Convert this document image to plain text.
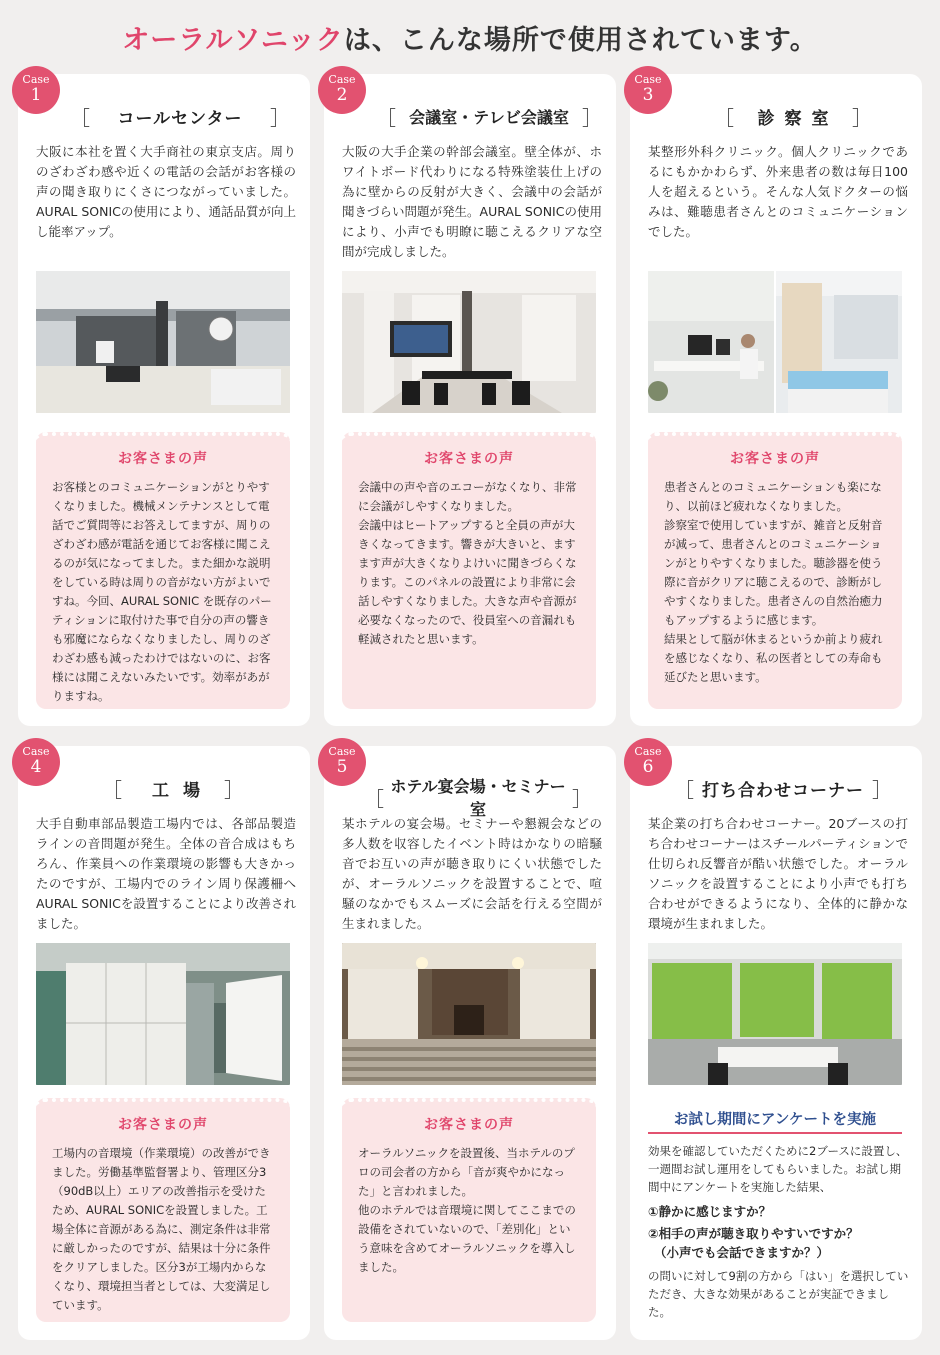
オーラルソニックは、こんな場所で使用されています。
Case
1
［	コールセンター	］
大阪に本社を置く大手商社の東京支店。周りのざわざわ感や近くの電話の会話がお客様の声の聞き取りにくさにつながっていました。AURAL SONICの使用により、通話品質が向上し能率アップ。
お客さまの声
お客様とのコミュニケーションがとりやすくなりました。機械メンテナンスとして電話でご質問等にお答えしてますが、周りのざわざわ感が電話を通じてお客様に聞こえるのが気になってました。また細かな説明をしている時は周りの音がない方がよいですね。今回、AURAL SONIC を既存のパーティションに取付けた事で自分の声の響きも邪魔にならなくなりましたし、周りのざわざわ感も減ったわけではないのに、お客様には聞こえないみたいです。効率があがりますね。
Case
2
［ 会議室・テレビ会議室 ］
大阪の大手企業の幹部会議室。壁全体が、ホワイトボード代わりになる特殊塗装仕上げの為に壁からの反射が大きく、会議中の会話が聞きづらい問題が発生。AURAL SONICの使用により、小声でも明瞭に聴こえるクリアな空間が完成しました。
お客さまの声
会議中の声や音のエコーがなくなり、非常に会議がしやすくなりました。
会議中はヒートアップすると全員の声が大きくなってきます。響きが大きいと、ますます声が大きくなりよけいに聞きづらくなります。このパネルの設置により非常に会話しやすくなりました。大きな声や音源が必要なくなったので、役員室への音漏れも軽減されたと思います。
Case
3
［	診察室 ］
某整形外科クリニック。個人クリニックであるにもかかわらず、外来患者の数は毎日100人を超えるという。そんな人気ドクターの悩みは、難聴患者さんとのコミュニケーションでした。
お客さまの声
患者さんとのコミュニケーションも楽になり、以前ほど疲れなくなりました。
診察室で使用していますが、雑音と反射音が減って、患者さんとのコミュニケーションがとりやすくなりました。聴診器を使う際に音がクリアに聴こえるので、診断がしやすくなりました。患者さんの自然治癒力もアップするように感じます。
結果として脳が休まるというか前より疲れを感じなくなり、私の医者としての寿命も延びたと思います。
Case
4
［	工 場	］
大手自動車部品製造工場内では、各部品製造ラインの音問題が発生。全体の音合成はもちろん、作業員への作業環境の影響も大きかったのですが、工場内でのライン周り保護柵へAURAL SONICを設置することにより改善されました。
お客さまの声
工場内の音環境（作業環境）の改善ができました。労働基準監督署より、管理区分3（90dB以上）エリアの改善指示を受けたため、AURAL SONICを設置しました。工場全体に音源がある為に、測定条件は非常に厳しかったのですが、結果は十分に条件をクリアしました。区分3が工場内からなくなり、環境担当者としては、大変満足しています。
Case
5
［ ホテル宴会場・セミナー室	］
某ホテルの宴会場。セミナーや懇親会などの多人数を収容したイベント時はかなりの暗騒音でお互いの声が聴き取りにくい状態でしたが、オーラルソニックを設置することで、喧騒のなかでもスムーズに会話を行える空間が生まれました。
お客さまの声
オーラルソニックを設置後、当ホテルのプロの司会者の方から「音が爽やかになった」と言われました。
他のホテルでは音環境に関してここまでの設備をされていないので、「差別化」という意味を含めてオーラルソニックを導入しました。
Case
6
［ 打ち合わせコーナー ］
某企業の打ち合わせコーナー。20ブースの打ち合わせコーナーはスチールパーティションで仕切られ反響音が酷い状態でした。オーラルソニックを設置することにより小声でも打ち合わせができるようになり、全体的に静かな環境が生まれました。
お試し期間にアンケートを実施
効果を確認していただくために2ブースに設置し、一週間お試し運用をしてもらいました。お試し期間中にアンケートを実施した結果、
①静かに感じますか？
②相手の声が聴き取りやすいですか？
（小声でも会話できますか？）
の問いに対して9割の方から「はい」を選択していただき、大きな効果があることが実証できました。
